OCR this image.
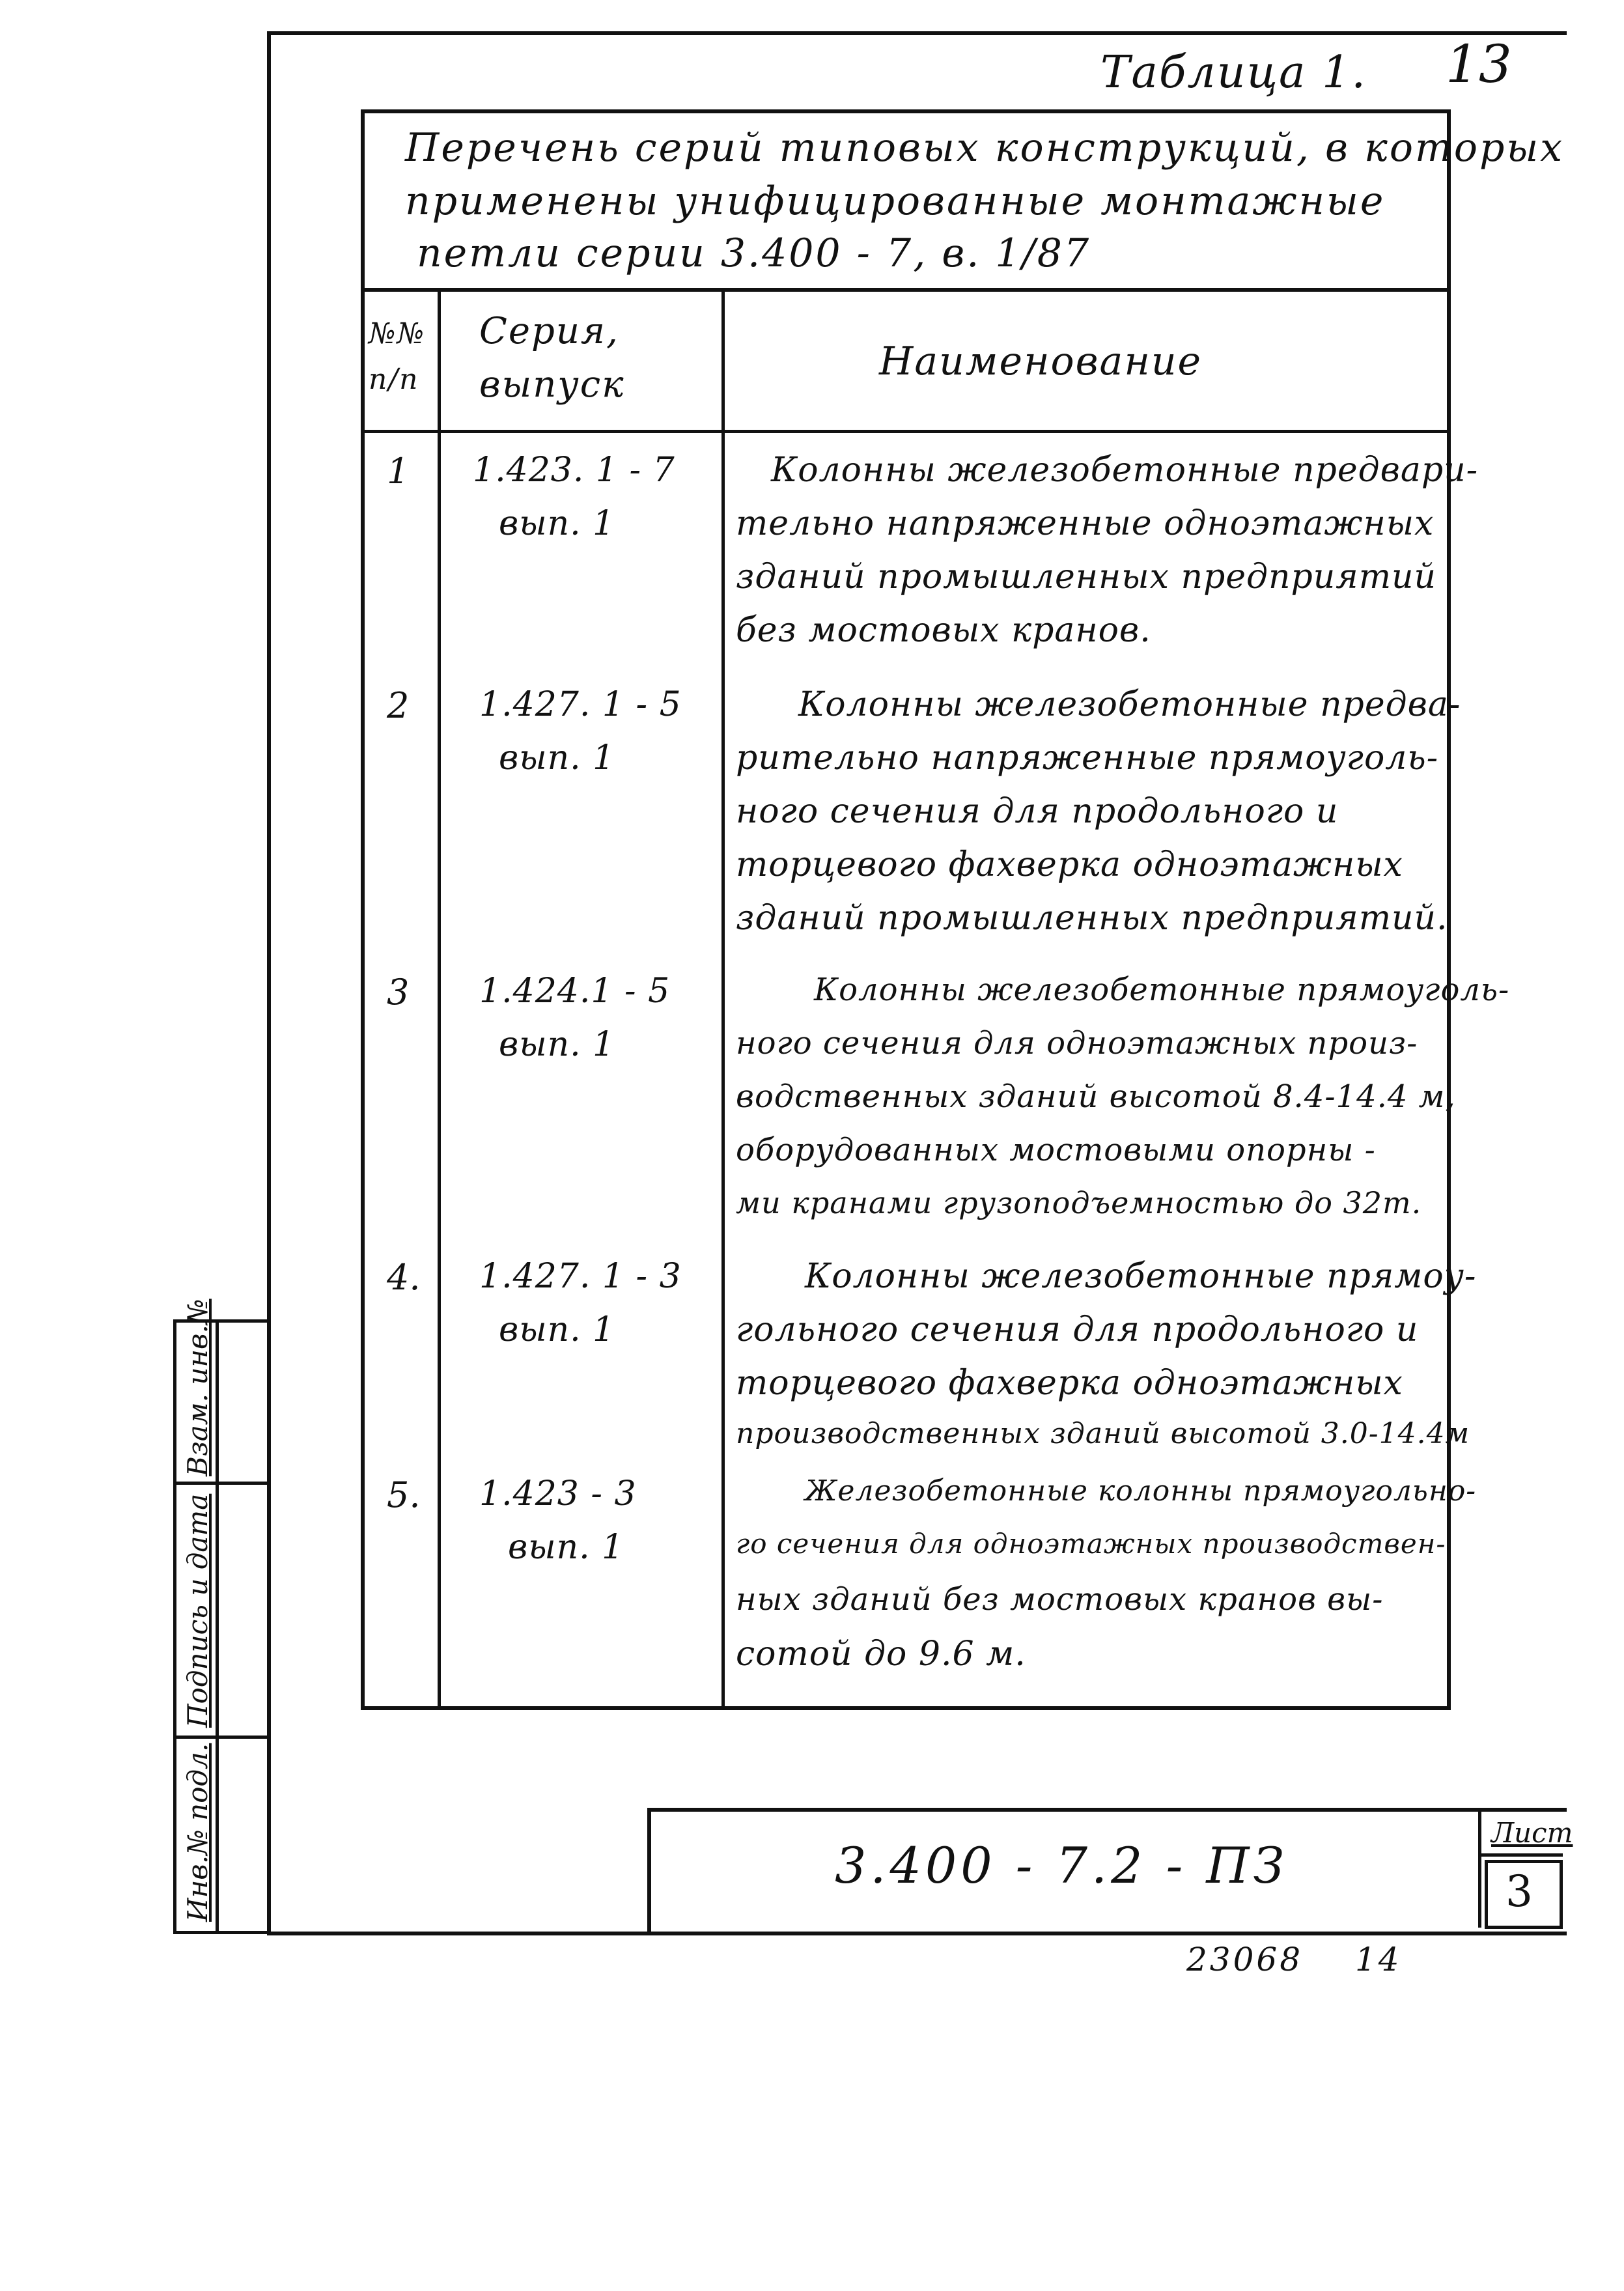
Таблица 1. 13
Перечень серий типовых конструкций, в которых
применены унифицированные монтажные
петли серии 3.400 - 7, в. 1/87
№№
п/п
Серия,
выпуск
Наименование
1 1.423. 1 - 7
вып. 1
Колонны железобетонные предвари-
тельно напряженные одноэтажных
зданий промышленных предприятий
без мостовых кранов.
2 1.427. 1 - 5
вып. 1
Колонны железобетонные предва-
рительно напряженные прямоуголь-
ного сечения для продольного и
торцевого фахверка одноэтажных
зданий промышленных предприятий.
3 1.424.1 - 5
вып. 1
Колонны железобетонные прямоуголь-
ного сечения для одноэтажных произ-
водственных зданий высотой 8.4-14.4 м,
оборудованных мостовыми опорны -
ми кранами грузоподъемностью до 32т.
4. 1.427. 1 - 3
вып. 1
Колонны железобетонные прямоу-
гольного сечения для продольного и
торцевого фахверка одноэтажных
производственных зданий высотой 3.0-14.4м
5. 1.423 - 3
вып. 1
Железобетонные колонны прямоугольно-
го сечения для одноэтажных производствен-
ных зданий без мостовых кранов вы-
сотой до 9.6 м.
3.400 - 7.2 - ПЗ
Лист
3
Взам. инв.№
Подпись и дата
Инв.№ подл.
23068 14
